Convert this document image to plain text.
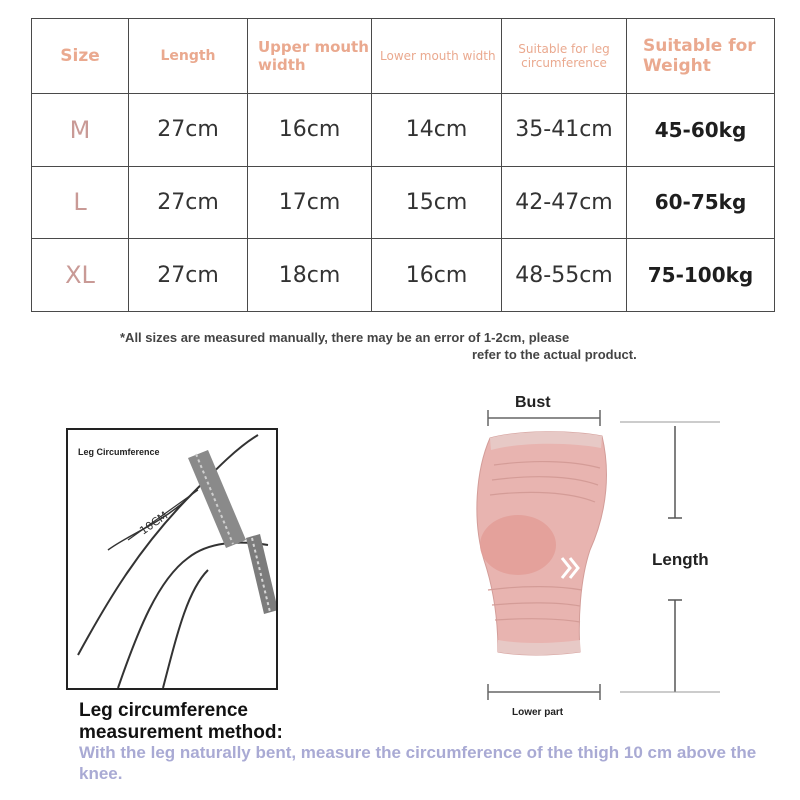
Size	Length	Upper mouth width	Lower mouth width	Suitable for leg circumference	Suitable for Weight
M	27cm	16cm	14cm	35-41cm	45-60kg
L	27cm	17cm	15cm	42-47cm	60-75kg
XL	27cm	18cm	16cm	48-55cm	75-100kg
*All sizes are measured manually, there may be an error of 1-2cm, please
refer to the actual product.
10CM
Leg Circumference
Bust
Length
Lower part
Leg circumference
measurement method:
With the leg naturally bent, measure the circumference of the thigh 10 cm above the knee.
